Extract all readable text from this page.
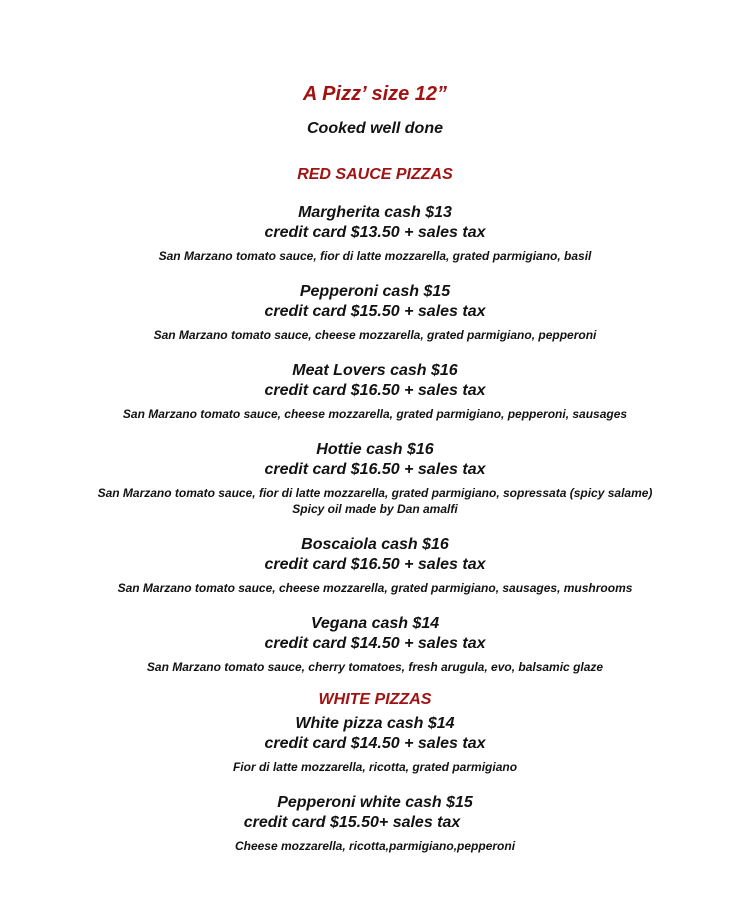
A Pizz’ size 12”
Cooked well done
RED SAUCE PIZZAS
Margherita cash $13
credit card $13.50 + sales tax
San Marzano tomato sauce, fior di latte mozzarella, grated parmigiano, basil
Pepperoni cash $15
credit card $15.50 + sales tax
San Marzano tomato sauce, cheese mozzarella, grated parmigiano, pepperoni
Meat Lovers cash $16
credit card $16.50 + sales tax
San Marzano tomato sauce, cheese mozzarella, grated parmigiano, pepperoni, sausages
Hottie cash $16
credit card $16.50 + sales tax
San Marzano tomato sauce, fior di latte mozzarella, grated parmigiano, sopressata (spicy salame)
Spicy oil made by Dan amalfi
Boscaiola cash $16
credit card $16.50 + sales tax
San Marzano tomato sauce, cheese mozzarella, grated parmigiano, sausages, mushrooms
Vegana cash $14
credit card $14.50 + sales tax
San Marzano tomato sauce, cherry tomatoes, fresh arugula, evo, balsamic glaze
WHITE PIZZAS
White pizza cash $14
credit card $14.50 + sales tax
Fior di latte mozzarella, ricotta, grated parmigiano
Pepperoni white cash $15
credit card $15.50+ sales tax
Cheese mozzarella, ricotta,parmigiano,pepperoni
